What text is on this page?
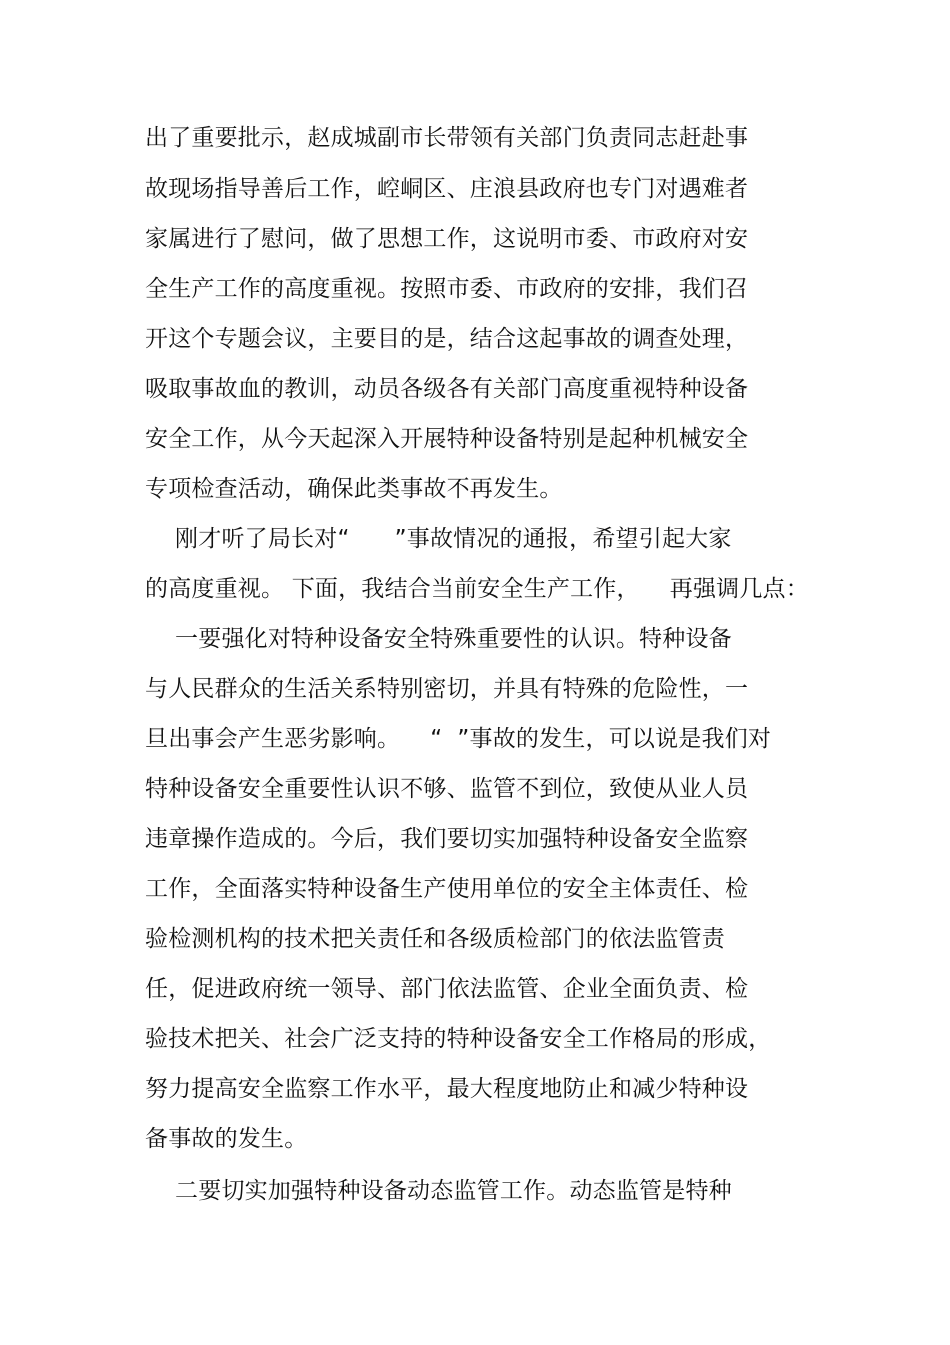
出了重要批示，赵成城副市长带领有关部门负责同志赶赴事
故现场指导善后工作，崆峒区、庄浪县政府也专门对遇难者
家属进行了慰问，做了思想工作，这说明市委、市政府对安
全生产工作的高度重视。按照市委、市政府的安排，我们召
开这个专题会议，主要目的是，结合这起事故的调查处理，
吸取事故血的教训，动员各级各有关部门高度重视特种设备
安全工作，从今天起深入开展特种设备特别是起种机械安全
专项检查活动，确保此类事故不再发生。
刚才听了局长对“      ”事故情况的通报，希望引起大家
的高度重视。 下面，我结合当前安全生产工作，    再强调几点：
一要强化对特种设备安全特殊重要性的认识。特种设备
与人民群众的生活关系特别密切，并具有特殊的危险性，一
旦出事会产生恶劣影响。    “  ”事故的发生，可以说是我们对
特种设备安全重要性认识不够、监管不到位，致使从业人员
违章操作造成的。今后，我们要切实加强特种设备安全监察
工作，全面落实特种设备生产使用单位的安全主体责任、检
验检测机构的技术把关责任和各级质检部门的依法监管责
任，促进政府统一领导、部门依法监管、企业全面负责、检
验技术把关、社会广泛支持的特种设备安全工作格局的形成，
努力提高安全监察工作水平，最大程度地防止和减少特种设
备事故的发生。
二要切实加强特种设备动态监管工作。动态监管是特种
